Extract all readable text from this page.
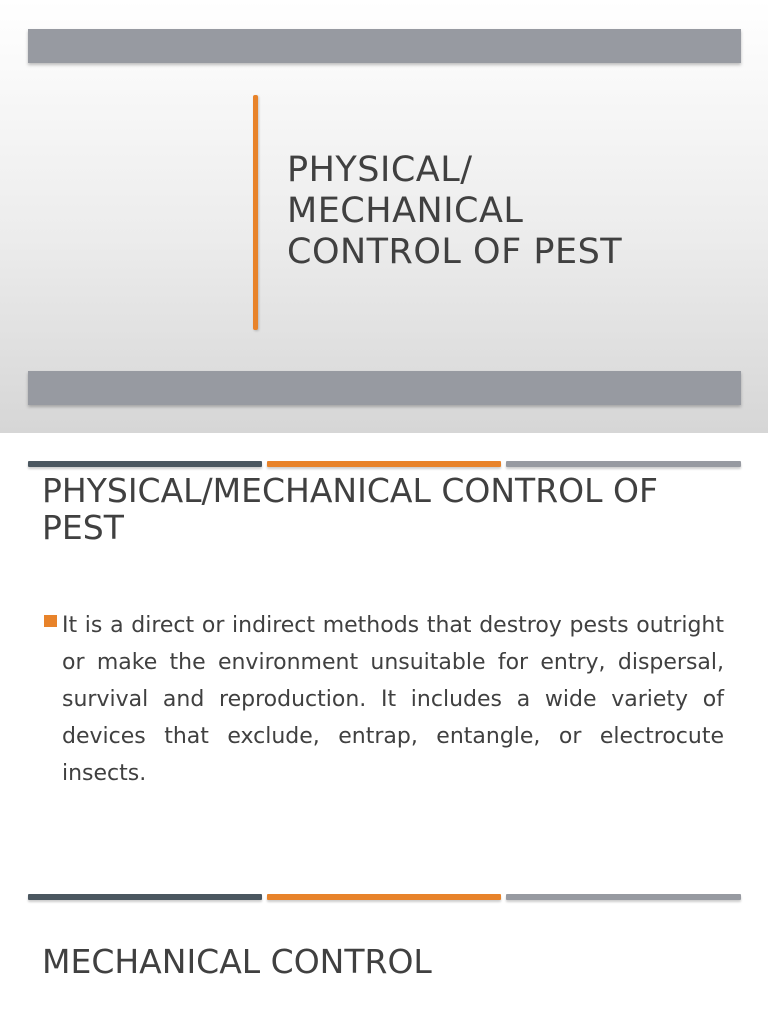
PHYSICAL/
MECHANICAL
CONTROL OF PEST
PHYSICAL/MECHANICAL CONTROL OF PEST
It is a direct or indirect methods that destroy pests outright or make the environment unsuitable for entry, dispersal, survival and reproduction. It includes a wide variety of devices that exclude, entrap, entangle, or electrocute insects.
MECHANICAL CONTROL
